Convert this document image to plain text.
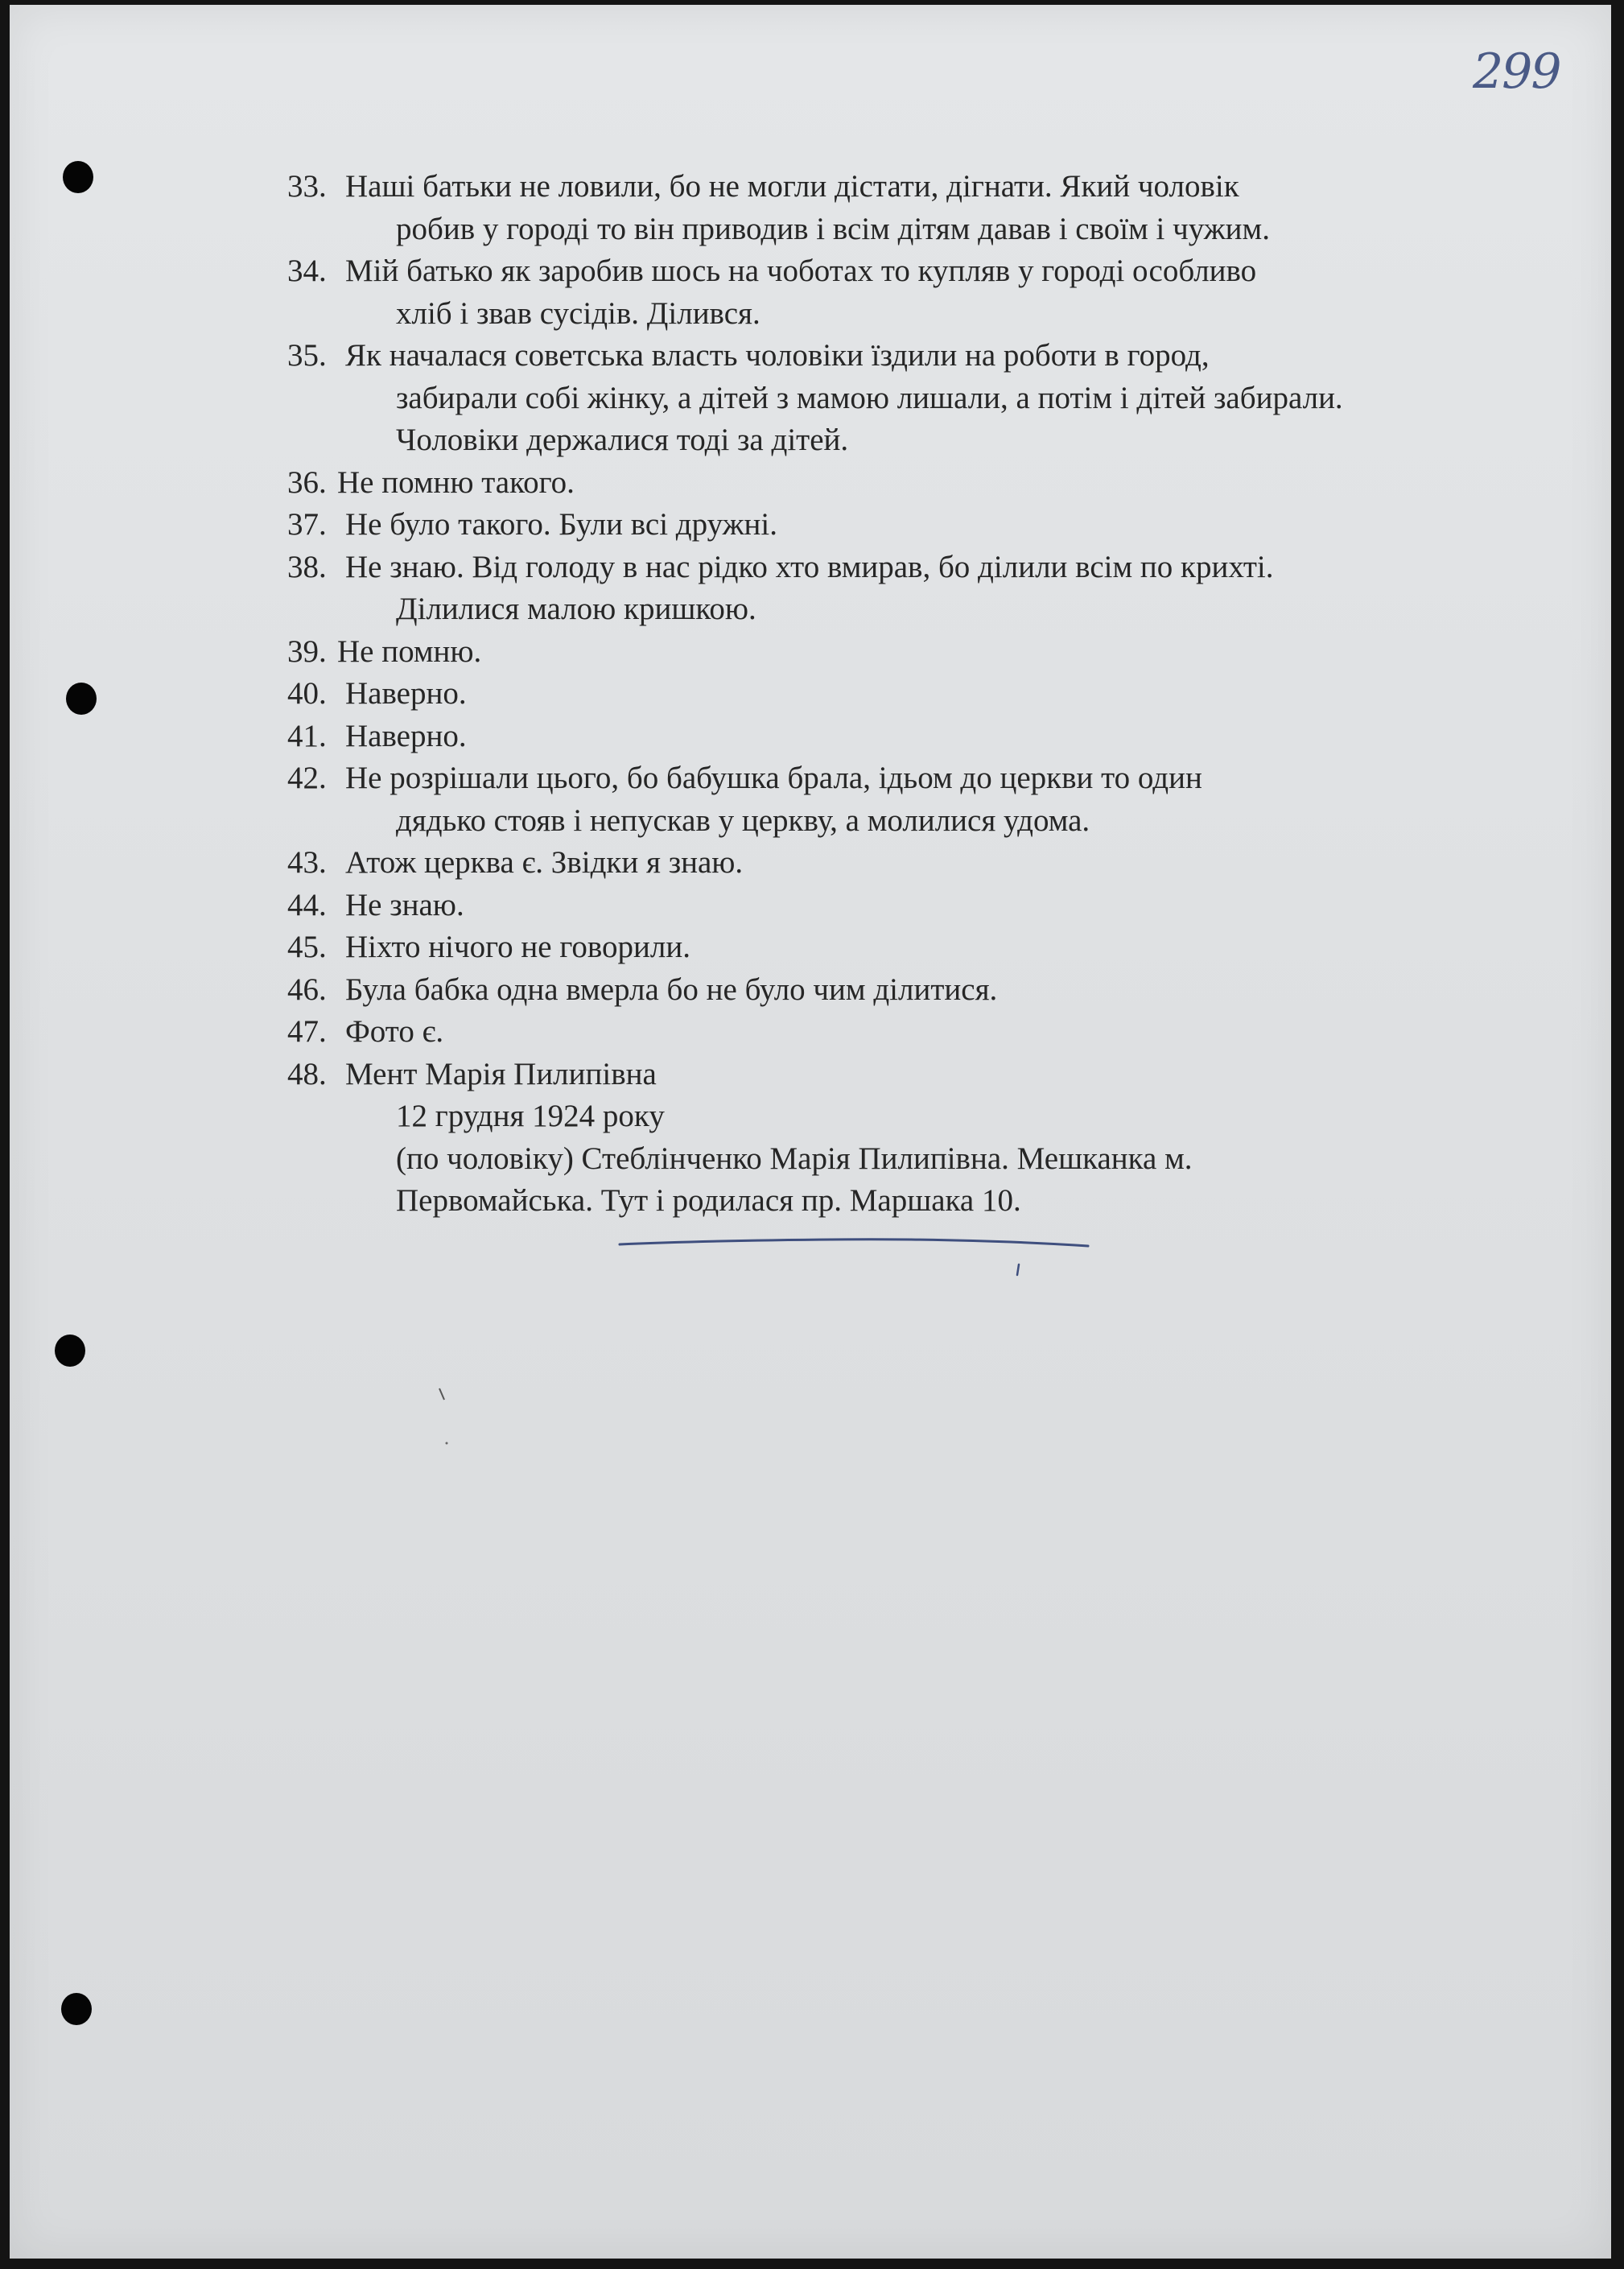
299
33. Наші батьки не ловили, бо не могли дістати, дігнати. Який чоловік
робив у городі то він приводив і всім дітям давав і своїм і чужим.
34. Мій батько як заробив шось на чоботах то купляв у городі особливо
хліб і звав сусідів. Ділився.
35. Як началася советська власть чоловіки їздили на роботи в город,
забирали собі жінку, а дітей з мамою лишали, а потім і дітей забирали.
Чоловіки держалися тоді за дітей.
36. Не помню такого.
37. Не було такого. Були всі дружні.
38. Не знаю. Від голоду в нас рідко хто вмирав, бо ділили всім по крихті.
Ділилися малою кришкою.
39. Не помню.
40. Наверно.
41. Наверно.
42. Не розрішали цього, бо бабушка брала, ідьом до церкви то один
дядько стояв і непускав у церкву, а молилися удома.
43. Атож церква є. Звідки я знаю.
44. Не знаю.
45. Ніхто нічого не говорили.
46. Була бабка одна вмерла бо не було чим ділитися.
47. Фото є.
48. Мент Марія Пилипівна
12 грудня 1924 року
(по чоловіку) Стеблінченко Марія Пилипівна. Мешканка м.
Первомайська. Тут і родилася пр. Маршака 10.
